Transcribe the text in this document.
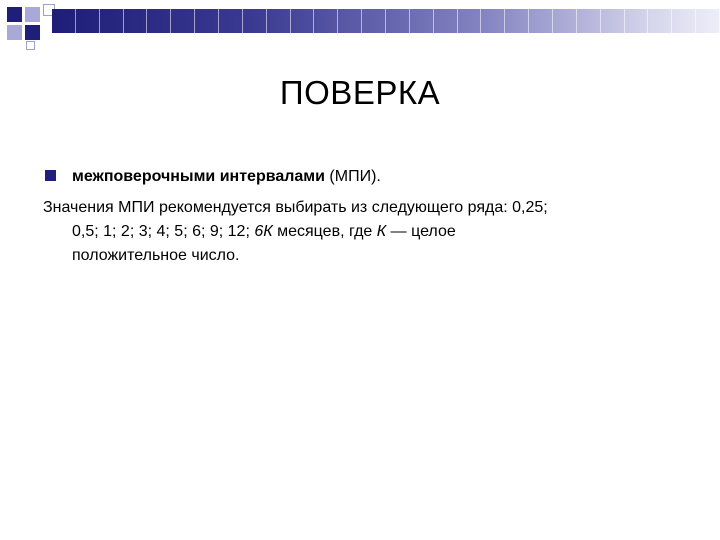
ПОВЕРКА
межповерочными интервалами (МПИ).
Значения МПИ рекомендуется выбирать из следующего ряда: 0,25;
0,5; 1; 2; 3; 4; 5; 6; 9; 12; 6К месяцев, где К — целое
положительное число.
